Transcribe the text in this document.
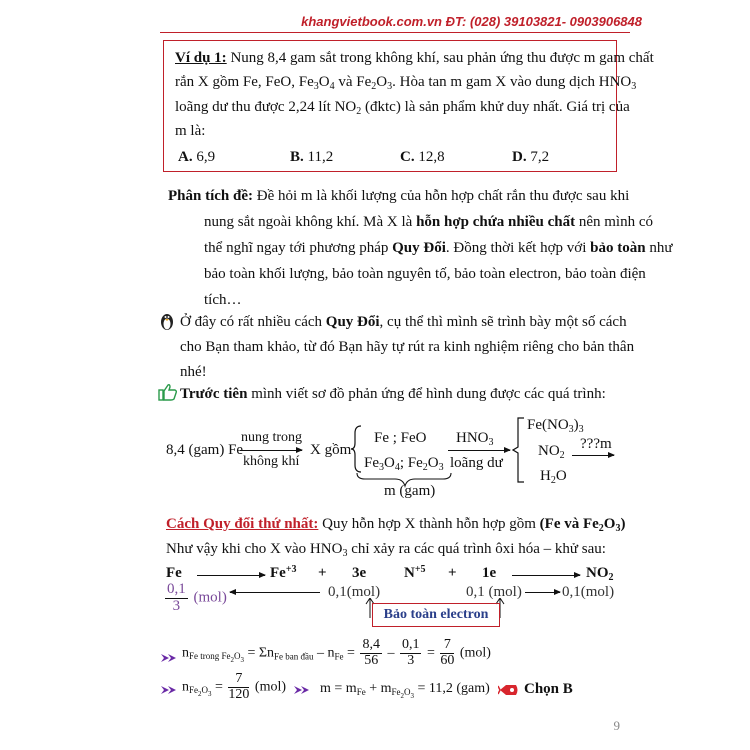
khangvietbook.com.vn ĐT: (028) 39103821- 0903906848
Ví dụ 1: Nung 8,4 gam sắt trong không khí, sau phản ứng thu được m gam chất
rắn X gồm Fe, FeO, $Fe_3O_4$ và $Fe_2O_3$. Hòa tan m gam X vào dung dịch $HNO_3$
loãng dư thu được 2,24 lít $NO_2$ (đktc) là sản phẩm khử duy nhất. Giá trị của
m là:
A. 6,9	B. 11,2	C. 12,8	D. 7,2
Phân tích đề: Đề hỏi m là khối lượng của hỗn hợp chất rắn thu được sau khi
nung sắt ngoài không khí. Mà X là hỗn hợp chứa nhiều chất nên mình có
thể nghĩ ngay tới phương pháp Quy Đổi. Đồng thời kết hợp với bảo toàn như
bảo toàn khối lượng, bảo toàn nguyên tố, bảo toàn electron, bảo toàn điện
tích…
Ở đây có rất nhiều cách Quy Đổi, cụ thể thì mình sẽ trình bày một số cách
cho Bạn tham khảo, từ đó Bạn hãy tự rút ra kinh nghiệm riêng cho bản thân
nhé!
Trước tiên mình viết sơ đồ phản ứng để hình dung được các quá trình:
8,4 (gam) Fe
nung trong
không khí
X gồm
Fe ; FeO
$Fe_3O_4$; $Fe_2O_3$
m (gam)
$HNO_3$
loãng dư
$Fe(NO_3)_3$
$NO_2$
$H_2O$
???m
Cách Quy đổi thứ nhất: Quy hỗn hợp X thành hỗn hợp gồm (Fe và $Fe_2O_3$)
Như vậy khi cho X vào $HNO_3$ chỉ xảy ra các quá trình ôxi hóa – khử sau:
Fe	$Fe^{+3} + 3e$	$N^{+5} + 1e$	$NO_2$
$\frac{0,1}{3} (mol)$	0,1(mol)	0,1 (mol)	0,1(mol)
Bảo toàn electron
$n_{Fe trong Fe_2O_3} = \Sigma n_{Fe ban đầu} - n_{Fe} = \frac{8,4}{56} - \frac{0,1}{3} = \frac{7}{60} (mol)$
$n_{Fe_2O_3} = \frac{7}{120} (mol) m = m_{Fe} + m_{Fe_2O_3} = 11,2$ (gam) Chọn B
9
